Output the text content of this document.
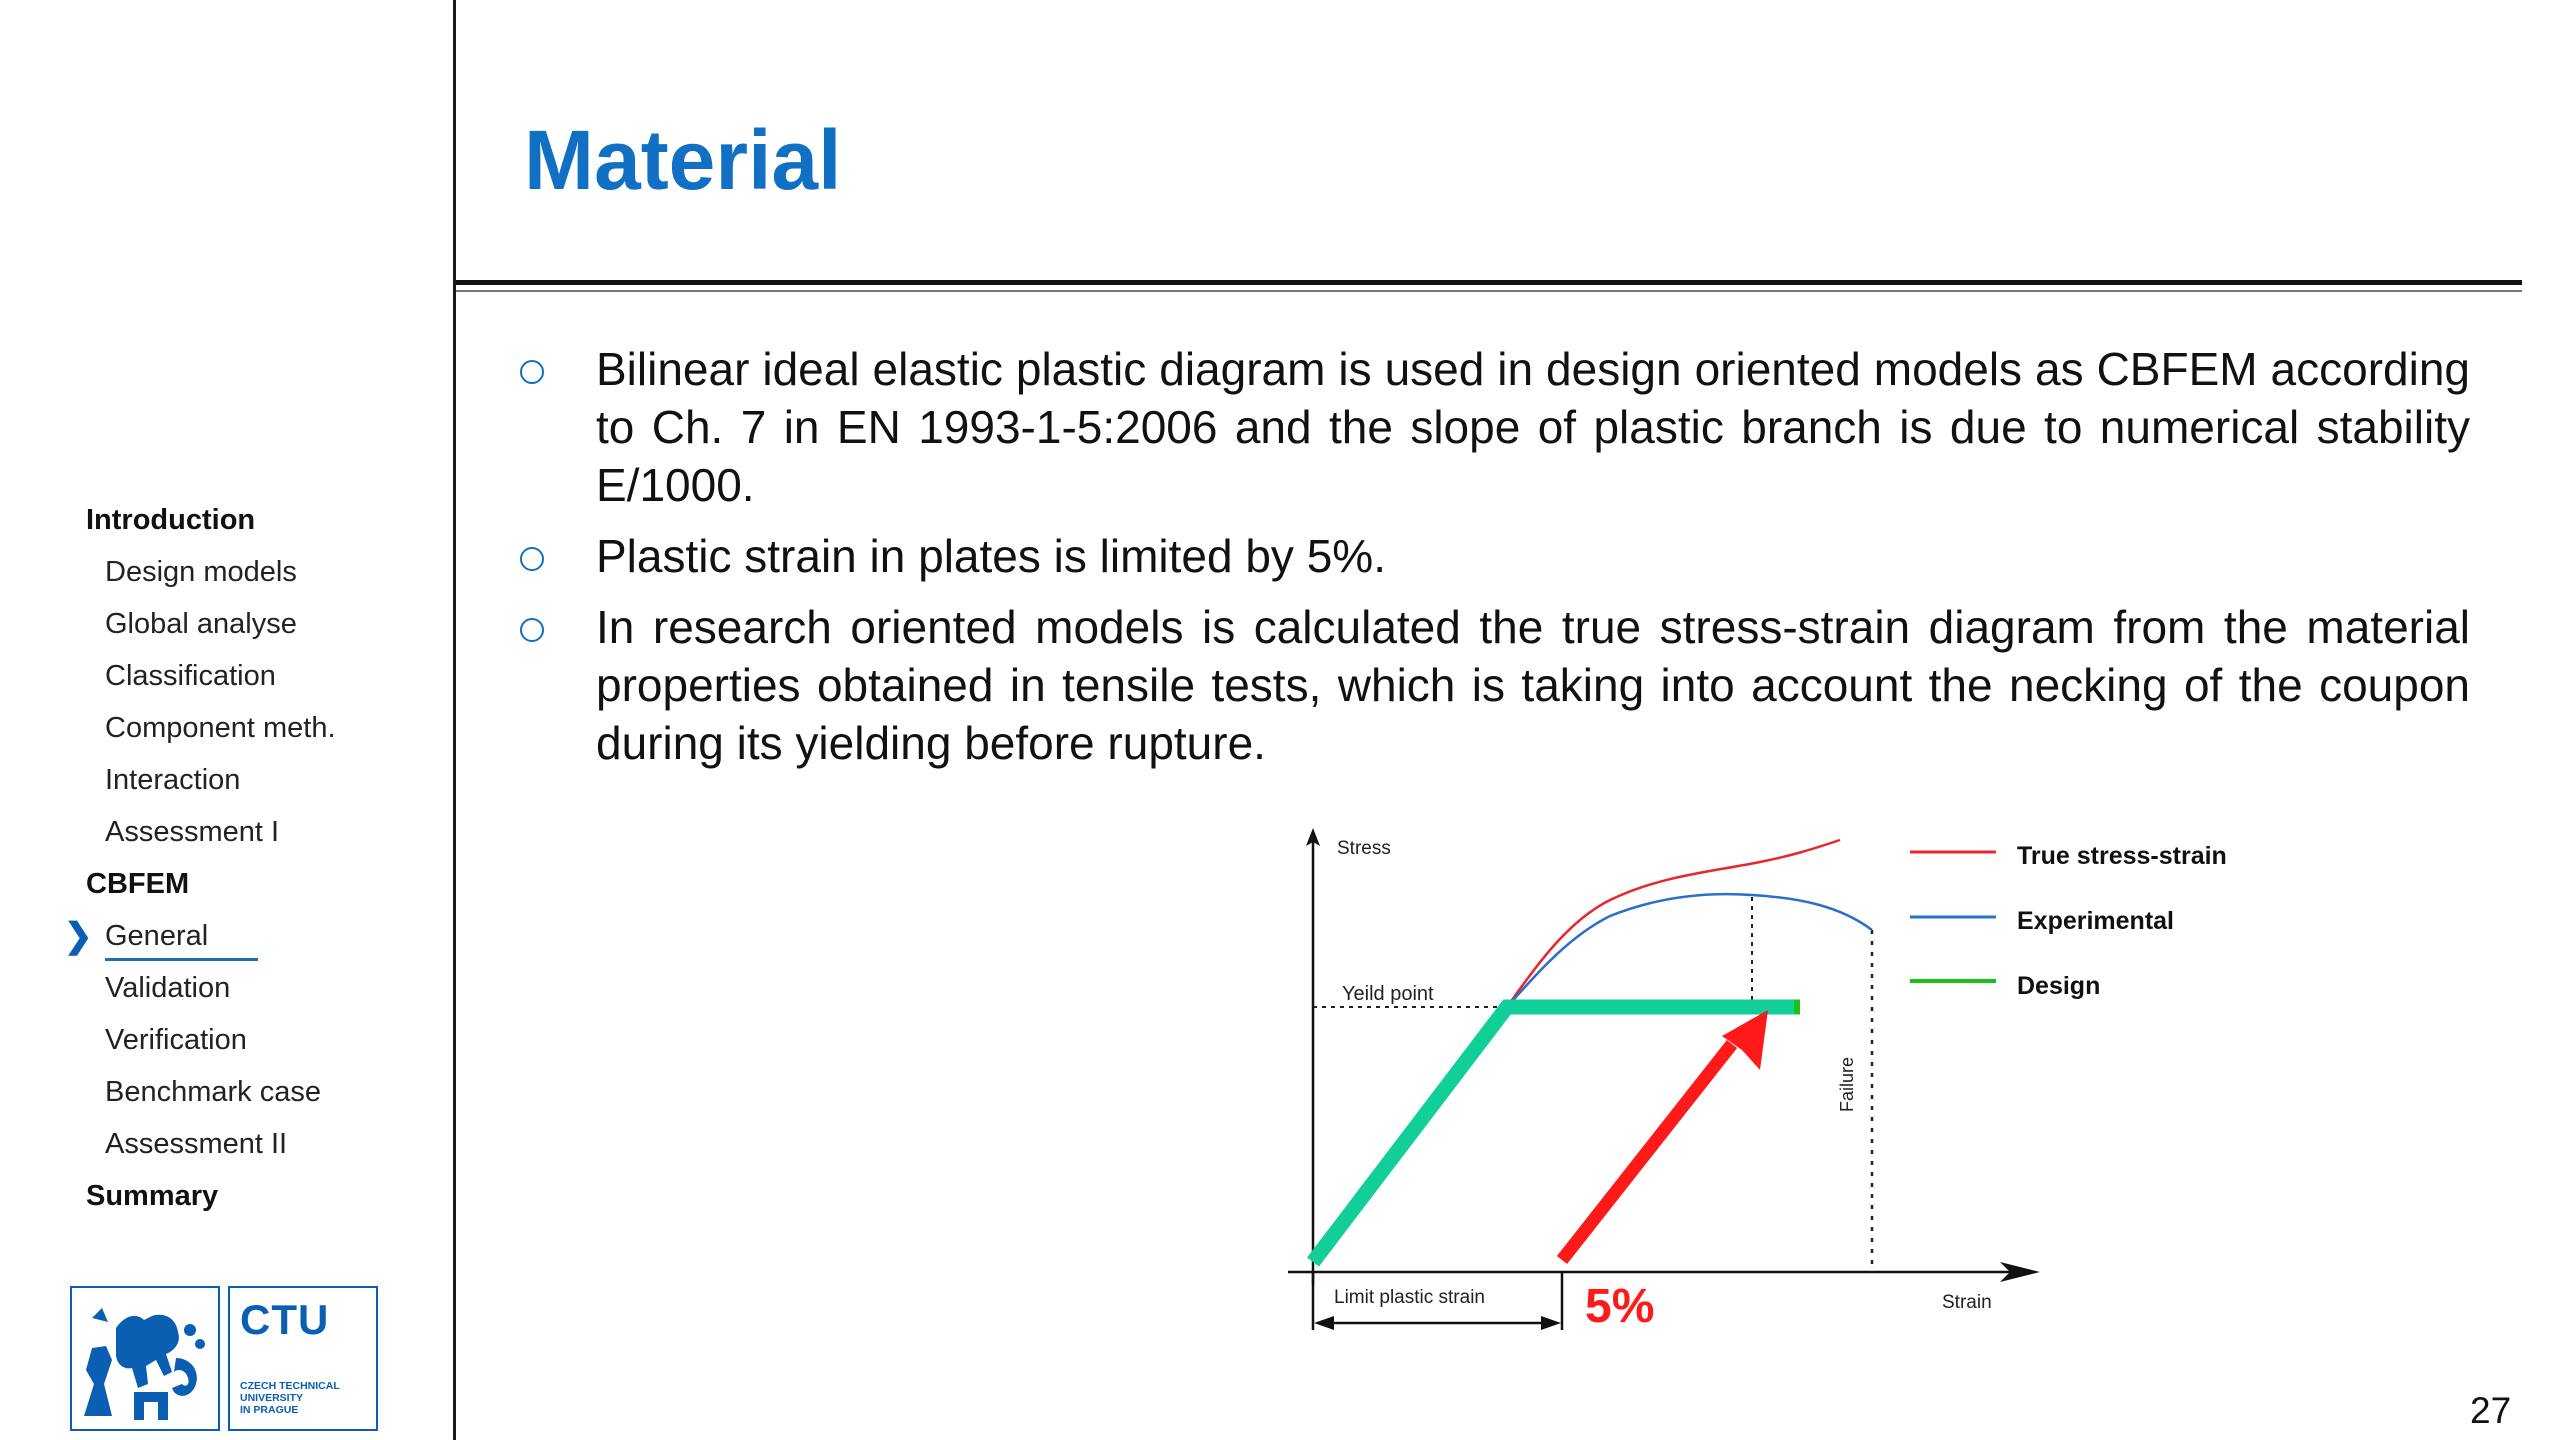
Introduction
Design models
Global analyse
Classification
Component meth.
Interaction
Assessment I
CBFEM
❯ General
Validation
Verification
Benchmark case
Assessment II
Summary
CTU
CZECH TECHNICAL
UNIVERSITY
IN PRAGUE
Material
Bilinear ideal elastic plastic diagram is used in design oriented models as CBFEM according to Ch. 7 in EN 1993-1-5:2006 and the slope of plastic branch is due to numerical stability E/1000.
Plastic strain in plates is limited by 5%.
In research oriented models is calculated the true stress-strain diagram from the material properties obtained in tensile tests, which is taking into account the necking of the coupon during its yielding before rupture.
Stress
Strain
Yeild point
Failure
Limit plastic strain 5%
True stress-strain
Experimental
Design
27
